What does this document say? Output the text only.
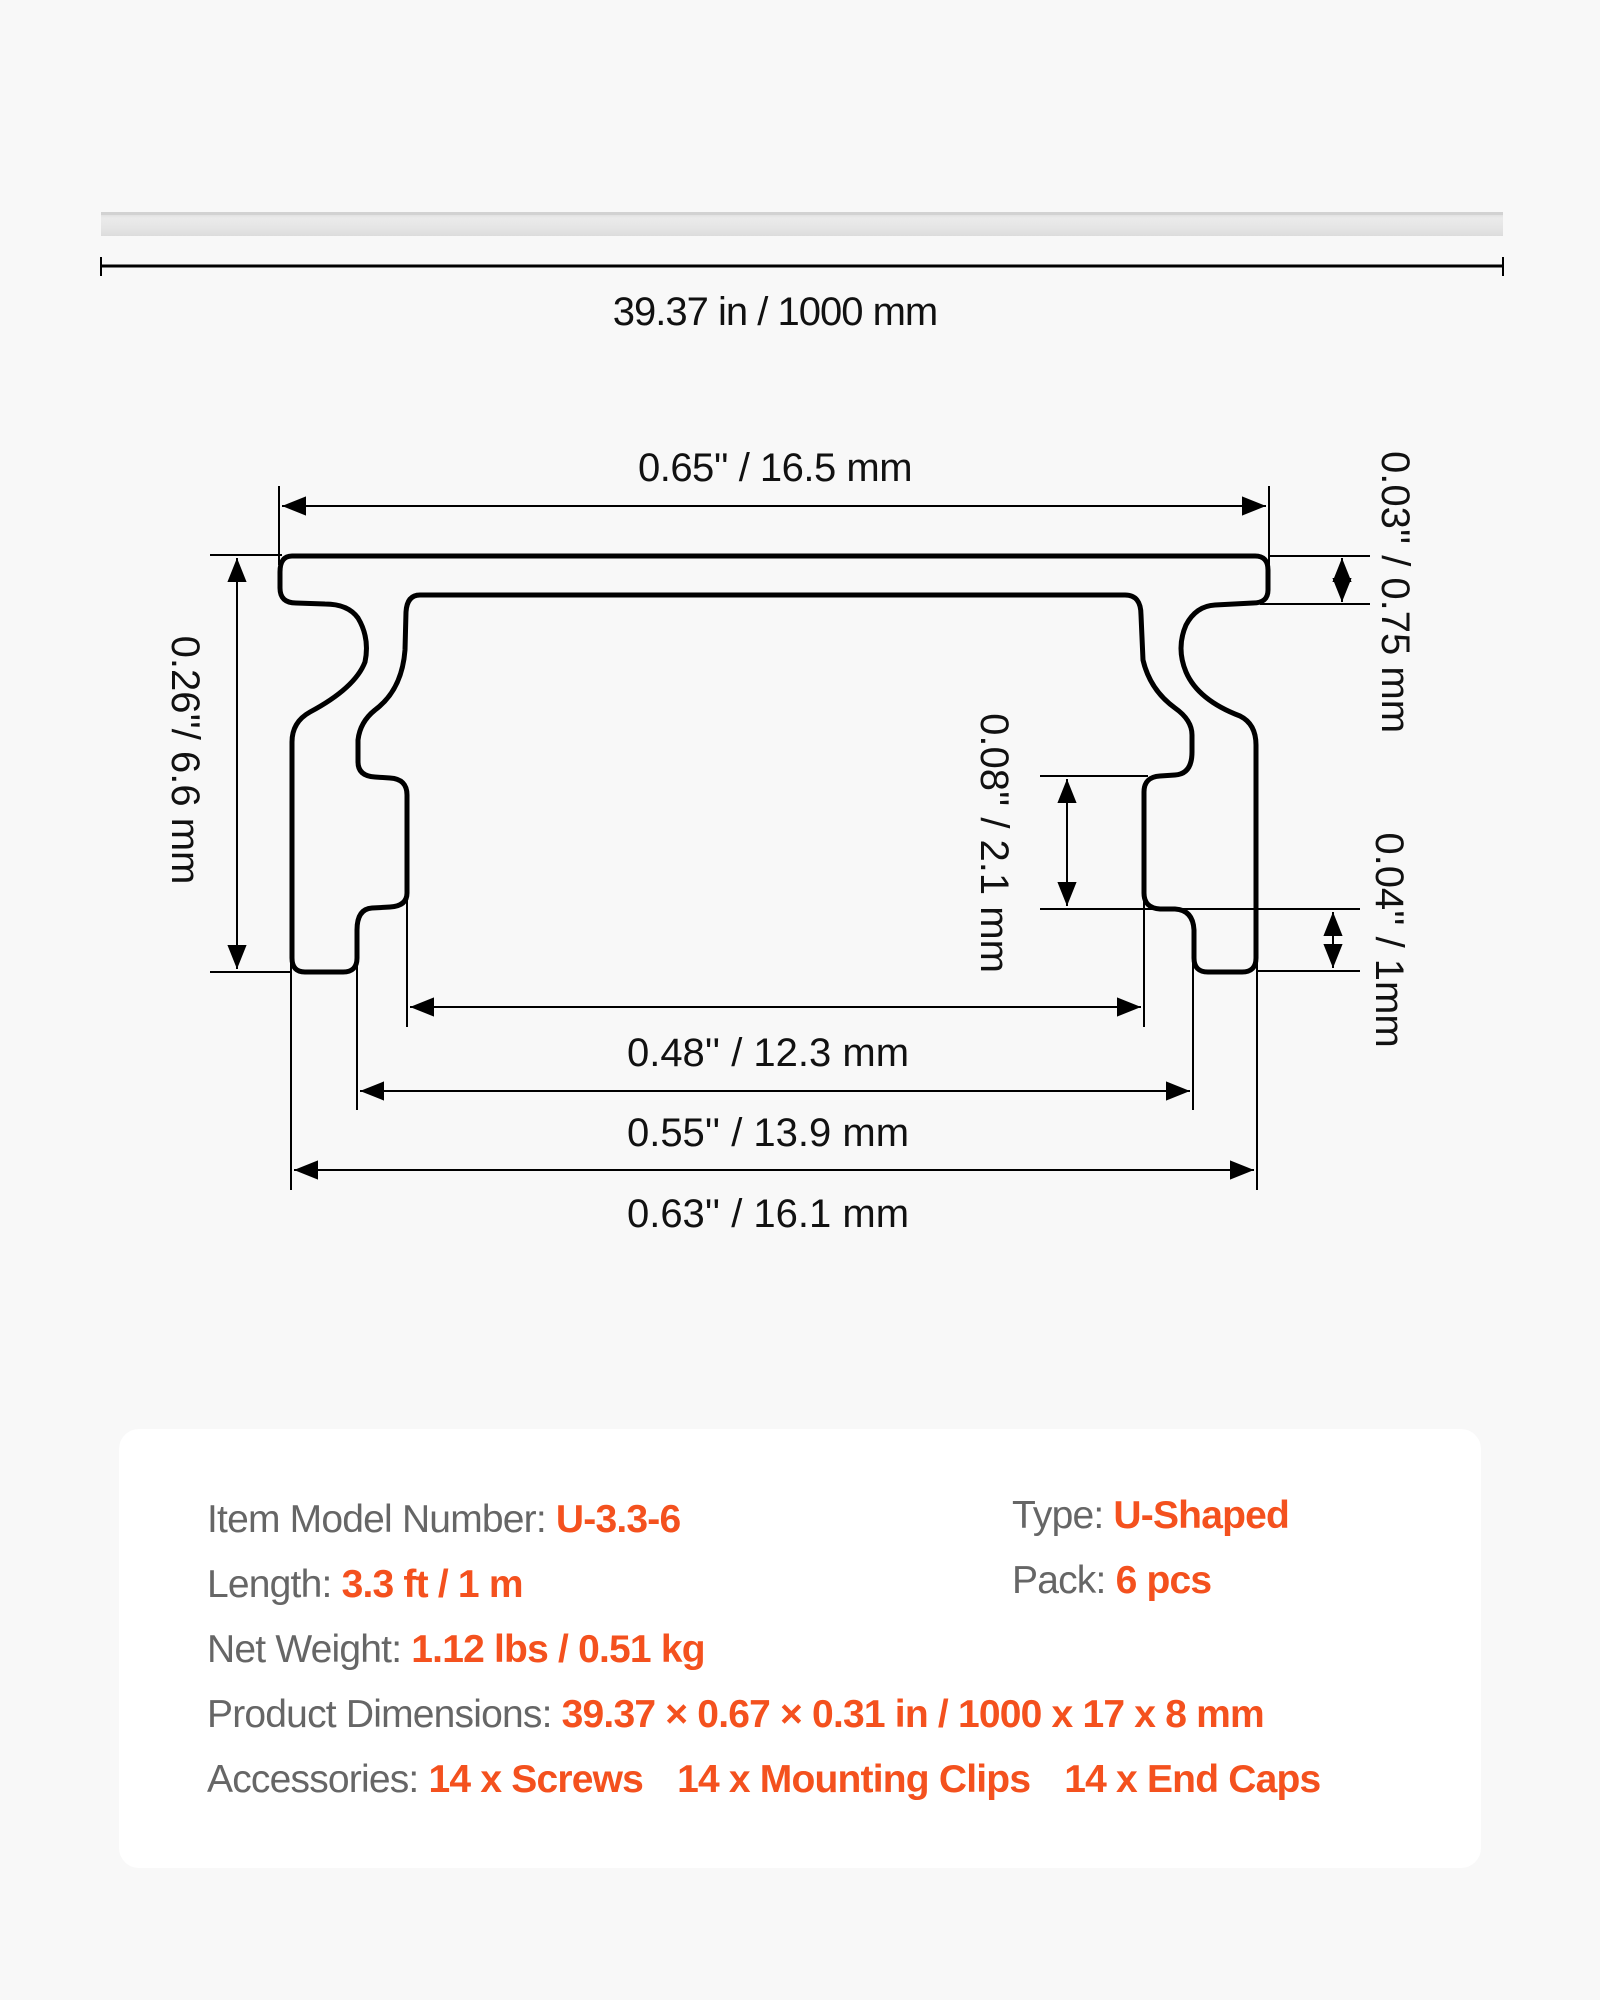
39.37 in / 1000 mm
0.65'' / 16.5 mm
0.26''/ 6.6 mm
0.03'' / 0.75 mm
0.08'' / 2.1 mm	0.04'' / 1mm
0.48'' / 12.3 mm
0.55'' / 13.9 mm
0.63'' / 16.1 mm
Item Model Number: U-3.3-6
Length: 3.3 ft / 1 m
Net Weight: 1.12 lbs / 0.51 kg
Product Dimensions: 39.37 × 0.67 × 0.31 in / 1000 x 17 x 8 mm
Accessories: 14 x Screws 14 x Mounting Clips 14 x End Caps
Type: U-Shaped
Pack: 6 pcs
